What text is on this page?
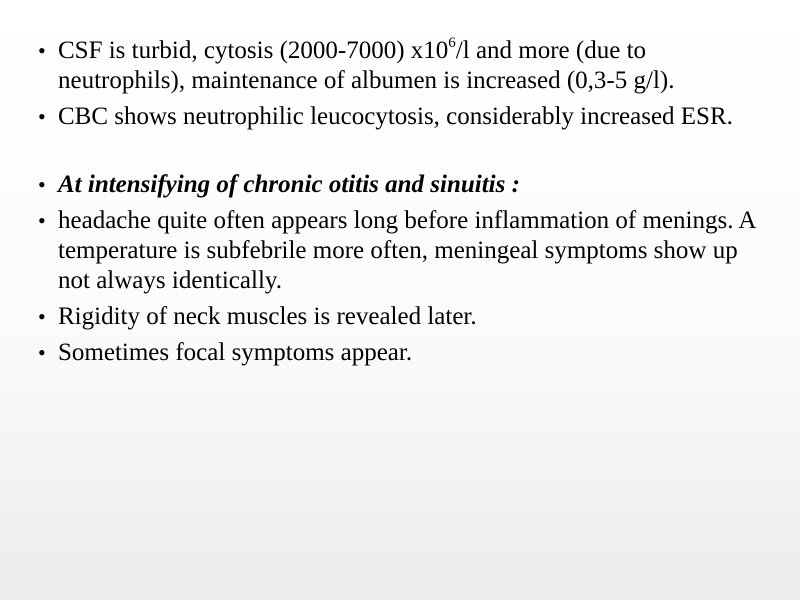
• CSF is turbid, cytosis (2000-7000) $x10^6/l$ and more (due to neutrophils), maintenance of albumen is increased (0,3-5 g/l).
• CBC shows neutrophilic leucocytosis, considerably increased ESR.
• At intensifying of chronic otitis and sinuitis :
• headache quite often appears long before inflammation of menings. A temperature is subfebrile more often, meningeal symptoms show up not always identically.
• Rigidity of neck muscles is revealed later.
• Sometimes focal symptoms appear.
